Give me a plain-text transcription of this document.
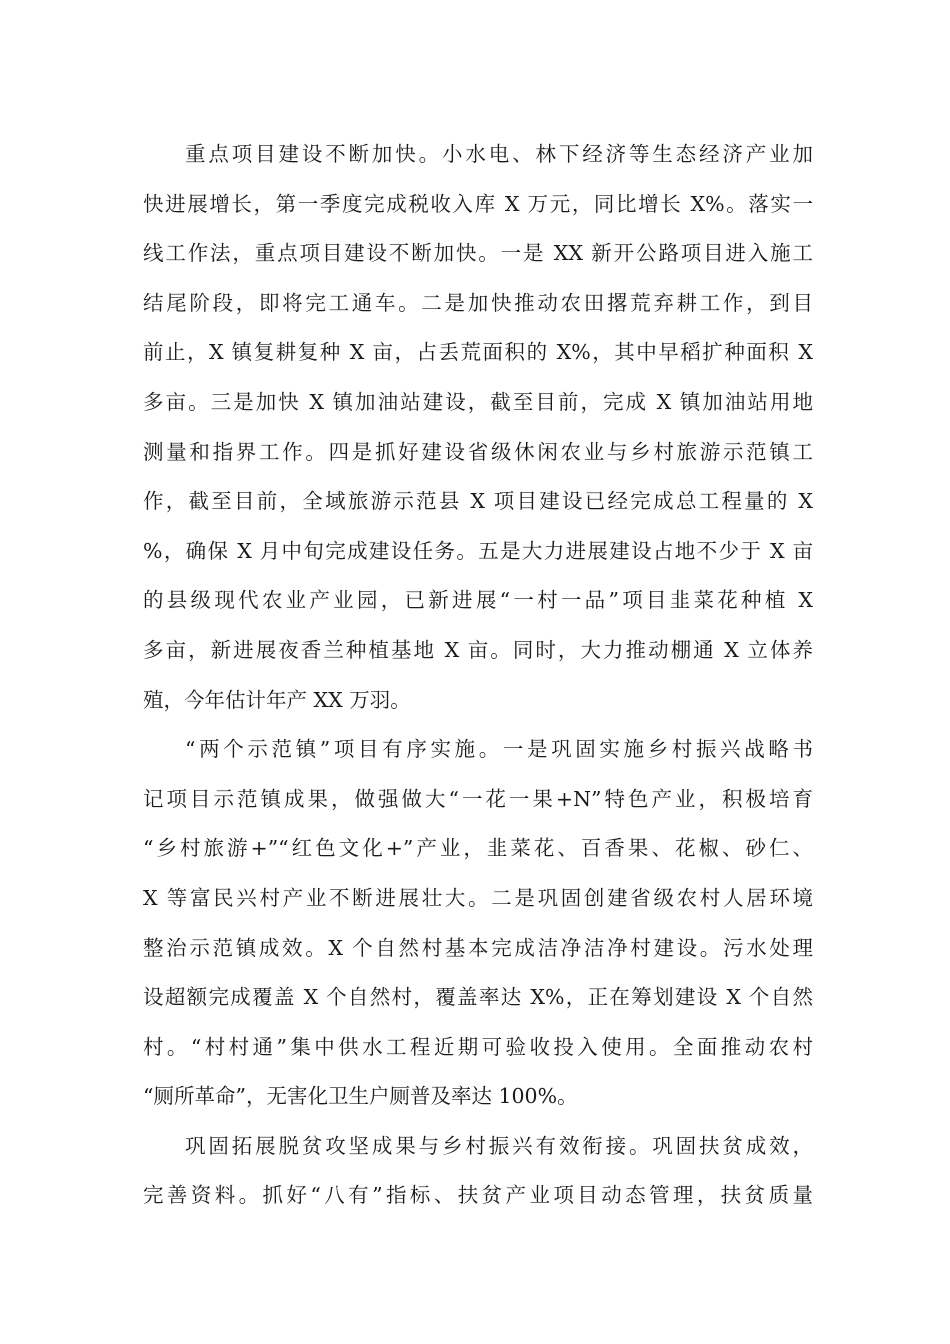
重点项目建设不断加快。小水电、林下经济等生态经济产业加
快进展增长，第一季度完成税收入库 X 万元，同比增长 X%。落实一
线工作法，重点项目建设不断加快。一是 XX 新开公路项目进入施工
结尾阶段，即将完工通车。二是加快推动农田撂荒弃耕工作，到目
前止，X 镇复耕复种 X 亩，占丢荒面积的 X%，其中早稻扩种面积 X
多亩。三是加快 X 镇加油站建设，截至目前，完成 X 镇加油站用地
测量和指界工作。四是抓好建设省级休闲农业与乡村旅游示范镇工
作，截至目前，全域旅游示范县 X 项目建设已经完成总工程量的 X
%，确保 X 月中旬完成建设任务。五是大力进展建设占地不少于 X 亩
的县级现代农业产业园，已新进展“一村一品”项目韭菜花种植 X
多亩，新进展夜香兰种植基地 X 亩。同时，大力推动棚通 X 立体养
殖，今年估计年产 XX 万羽。
“两个示范镇”项目有序实施。一是巩固实施乡村振兴战略书
记项目示范镇成果，做强做大“一花一果+N”特色产业，积极培育
“乡村旅游+”“红色文化+”产业，韭菜花、百香果、花椒、砂仁、
X 等富民兴村产业不断进展壮大。二是巩固创建省级农村人居环境
整治示范镇成效。X 个自然村基本完成洁净洁净村建设。污水处理
设超额完成覆盖 X 个自然村，覆盖率达 X%，正在筹划建设 X 个自然
村。“村村通”集中供水工程近期可验收投入使用。全面推动农村
“厕所革命”，无害化卫生户厕普及率达 100%。
巩固拓展脱贫攻坚成果与乡村振兴有效衔接。巩固扶贫成效，
完善资料。抓好“八有”指标、扶贫产业项目动态管理，扶贫质量
